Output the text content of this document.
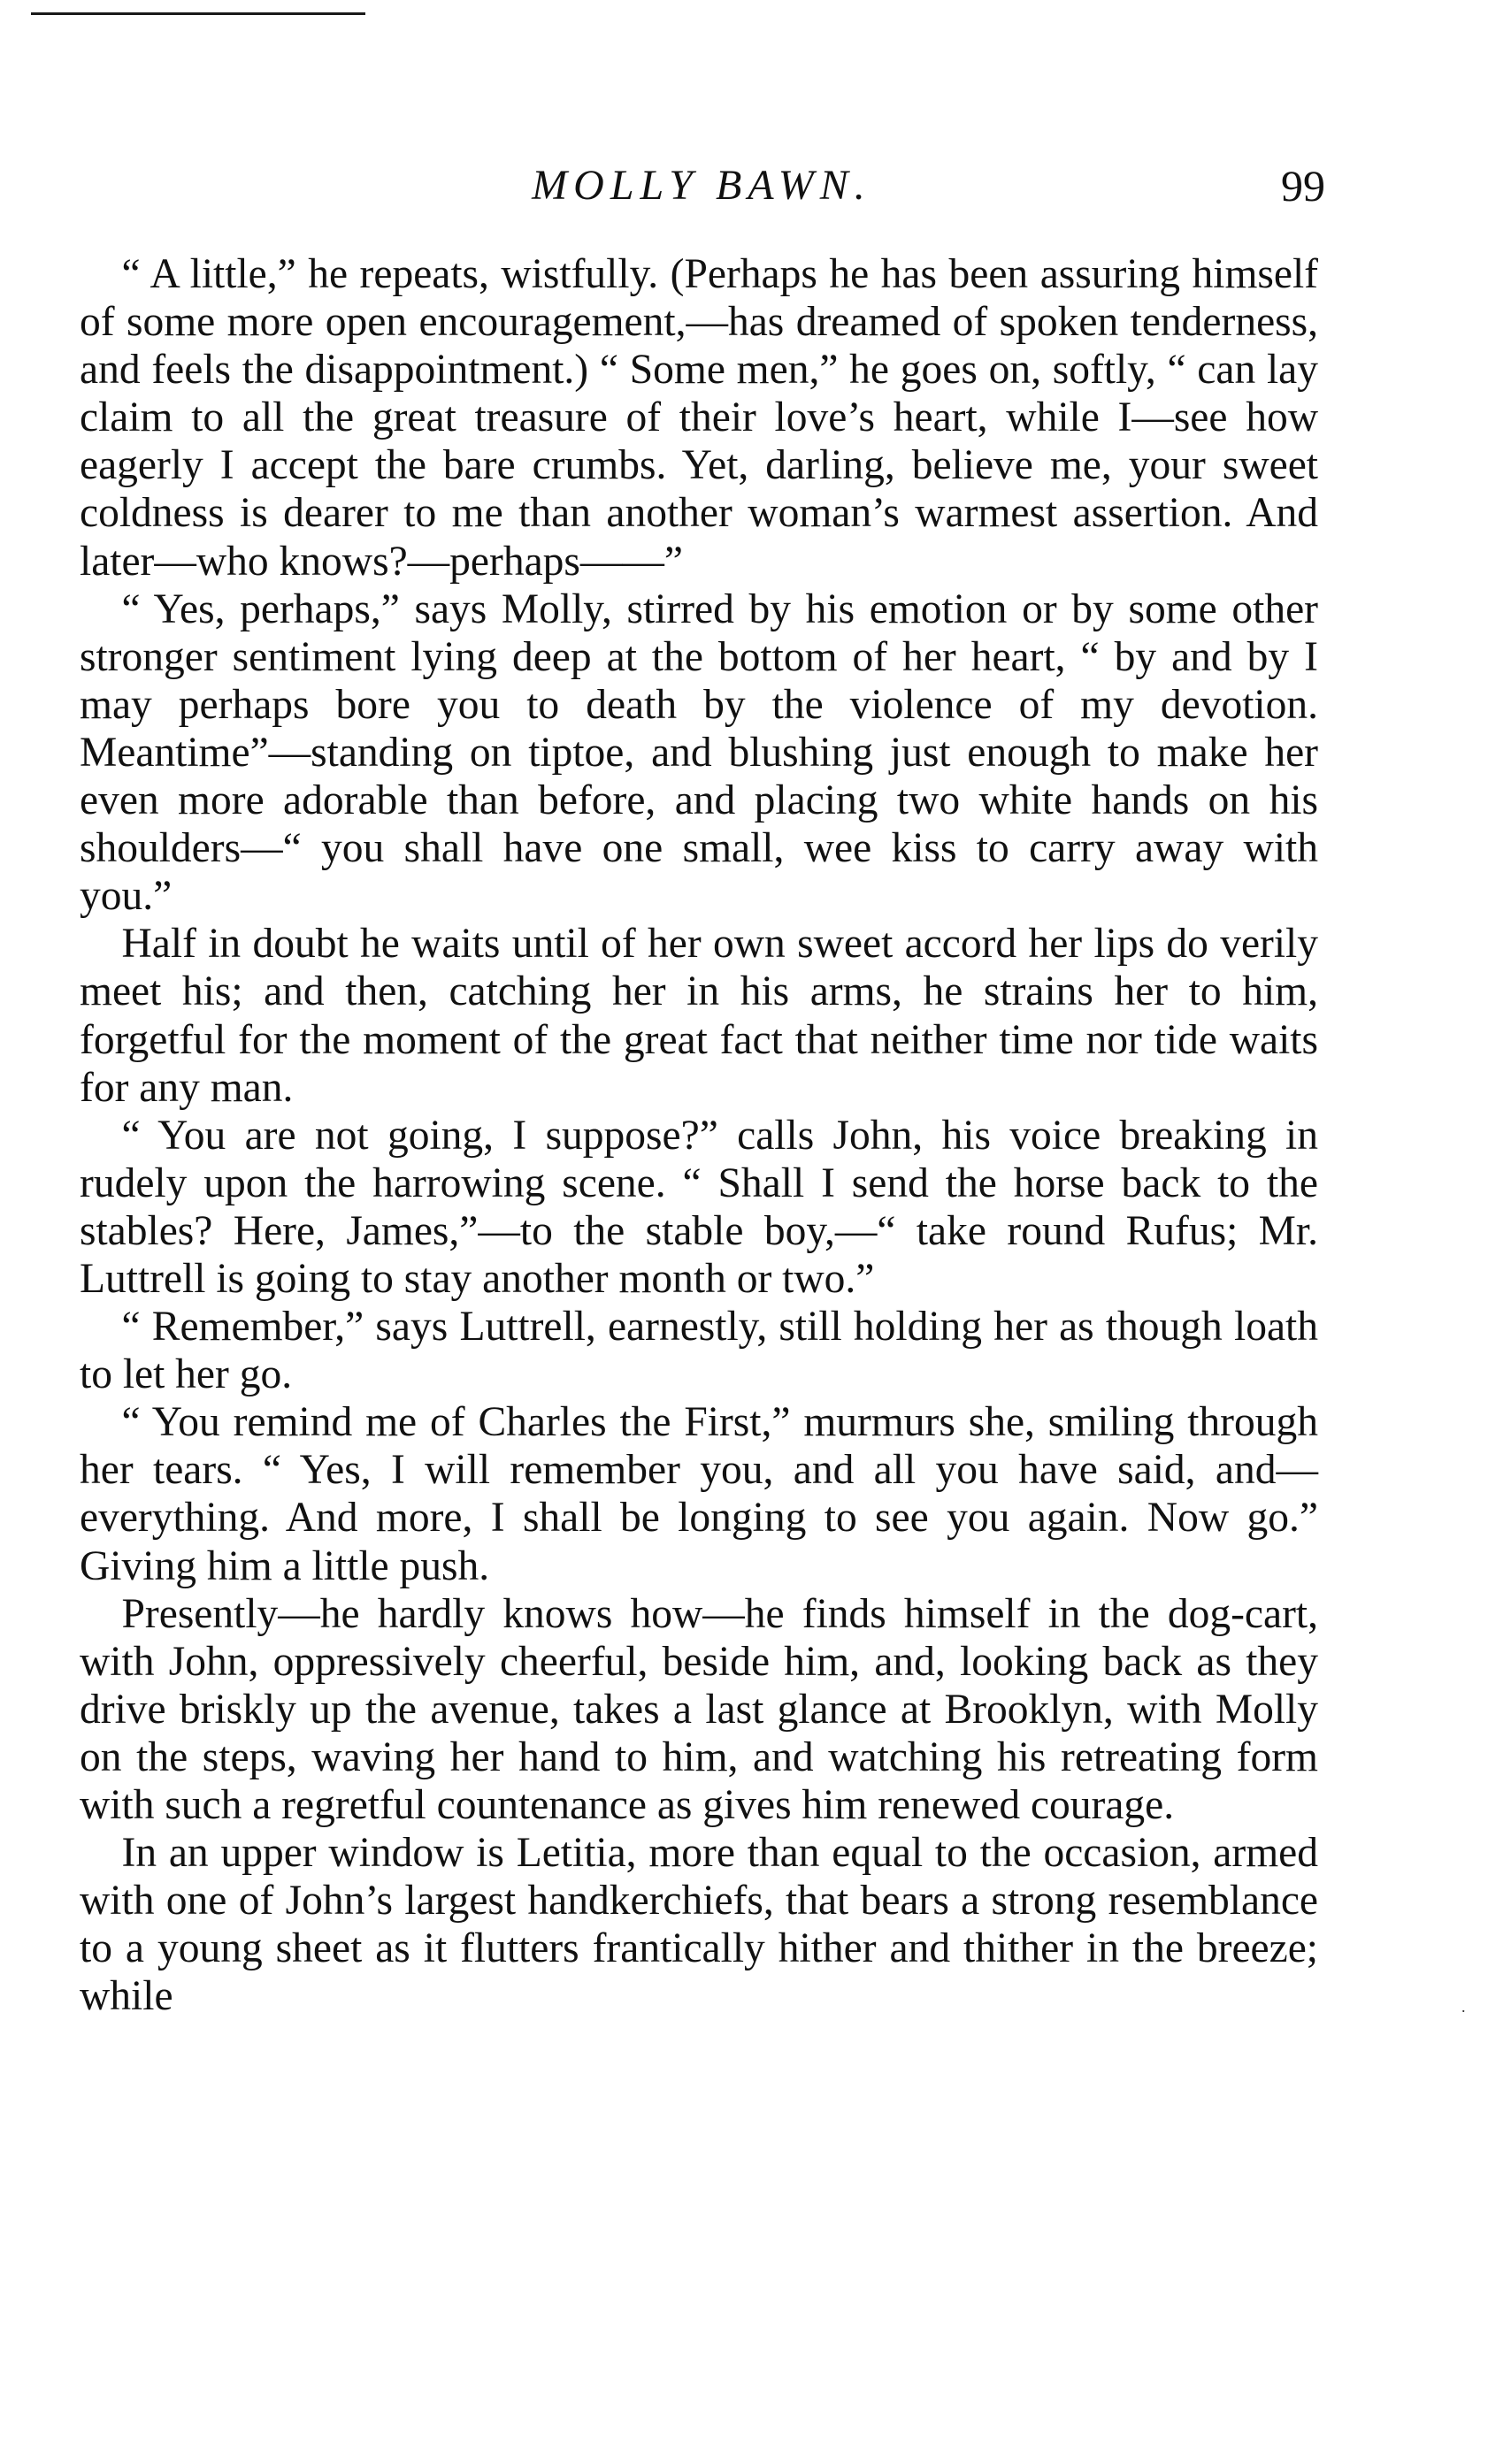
MOLLY BAWN.	99

“ A little,” he repeats, wistfully. (Perhaps he has been assuring himself of some more open encouragement,—has dreamed of spoken tenderness, and feels the disappointment.) “ Some men,” he goes on, softly, “ can lay claim to all the great treasure of their love’s heart, while I—see how eagerly I accept the bare crumbs. Yet, darling, believe me, your sweet coldness is dearer to me than another woman’s warmest assertion. And later—who knows?—perhaps——”

“ Yes, perhaps,” says Molly, stirred by his emotion or by some other stronger sentiment lying deep at the bottom of her heart, “ by and by I may perhaps bore you to death by the violence of my devotion. Meantime”—standing on tiptoe, and blushing just enough to make her even more adorable than before, and placing two white hands on his shoulders—“ you shall have one small, wee kiss to carry away with you.”

Half in doubt he waits until of her own sweet accord her lips do verily meet his; and then, catching her in his arms, he strains her to him, forgetful for the moment of the great fact that neither time nor tide waits for any man.

“ You are not going, I suppose?” calls John, his voice breaking in rudely upon the harrowing scene. “ Shall I send the horse back to the stables? Here, James,”—to the stable boy,—“ take round Rufus; Mr. Luttrell is going to stay another month or two.”

“ Remember,” says Luttrell, earnestly, still holding her as though loath to let her go.

“ You remind me of Charles the First,” murmurs she, smiling through her tears. “ Yes, I will remember you, and all you have said, and—everything. And more, I shall be longing to see you again. Now go.” Giving him a little push.

Presently—he hardly knows how—he finds himself in the dog-cart, with John, oppressively cheerful, beside him, and, looking back as they drive briskly up the avenue, takes a last glance at Brooklyn, with Molly on the steps, waving her hand to him, and watching his retreating form with such a regretful countenance as gives him renewed courage.

In an upper window is Letitia, more than equal to the occasion, armed with one of John’s largest handkerchiefs, that bears a strong resemblance to a young sheet as it flutters frantically hither and thither in the breeze; while	.
